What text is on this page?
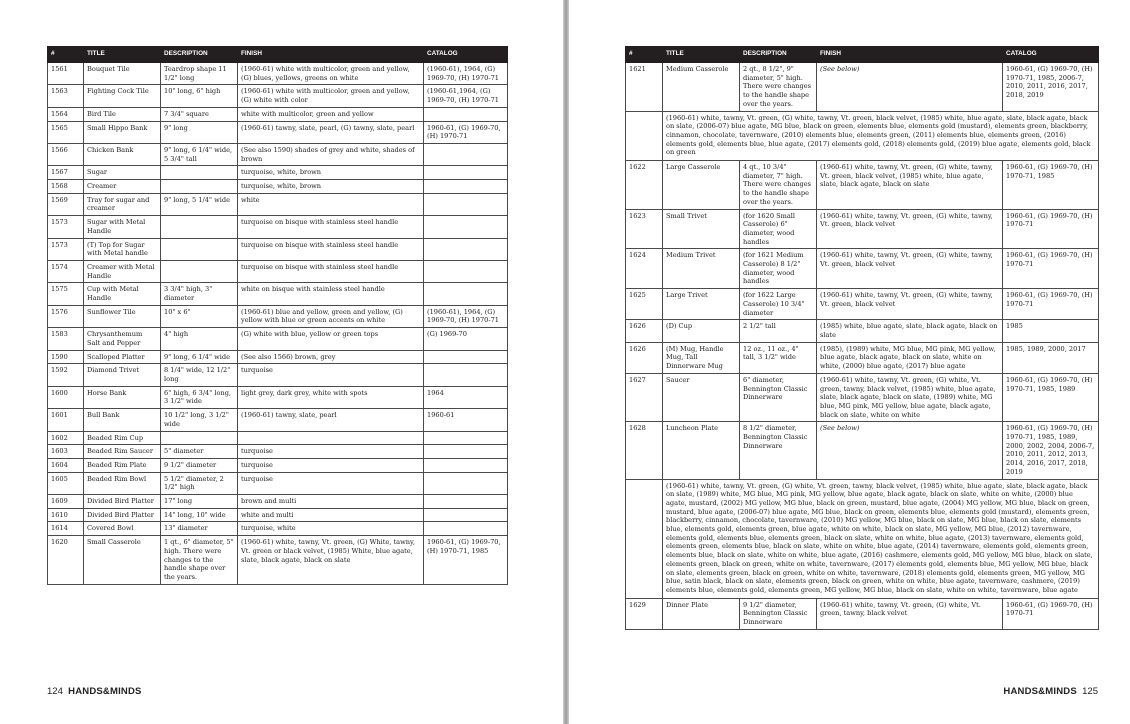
#	TITLE	DESCRIPTION	FINISH	CATALOG
1561	Bouquet Tile	Teardrop shape 11 1/2" long	(1960-61) white with multicolor, green and yellow, (G) blues, yellows, greens on white	(1960-61), 1964, (G) 1969-70, (H) 1970-71
1563	Fighting Cock Tile	10" long, 6" high	(1960-61) white with multicolor, green and yellow, (G) white with color	(1960-61,1964, (G) 1969-70, (H) 1970-71
1564	Bird Tile	7 3/4" square	white with multicolor, green and yellow	
1565	Small Hippo Bank	9" long	(1960-61) tawny, slate, pearl, (G) tawny, slate, pearl	1960-61, (G) 1969-70, (H) 1970-71
1566	Chicken Bank	9" long, 6 1/4" wide, 5 3/4" tall	(See also 1590) shades of grey and white, shades of brown	
1567	Sugar		turquoise, white, brown	
1568	Creamer		turquoise, white, brown	
1569	Tray for sugar and creamer	9" long, 5 1/4" wide	white	
1573	Sugar with Metal Handle		turquoise on bisque with stainless steel handle	
1573	(T) Top for Sugar with Metal handle		turquoise on bisque with stainless steel handle	
1574	Creamer with Metal Handle		turquoise on bisque with stainless steel handle	
1575	Cup with Metal Handle	3 3/4" high, 3" diameter	white on bisque with stainless steel handle	
1576	Sunflower Tile	10" x 6"	(1960-61) blue and yellow, green and yellow, (G) yellow with blue or green accents on white	(1960-61), 1964, (G) 1969-70, (H) 1970-71
1583	Chrysanthemum Salt and Pepper	4" high	(G) white with blue, yellow or green tops	(G) 1969-70
1590	Scalloped Platter	9" long, 6 1/4" wide	(See also 1566) brown, grey	
1592	Diamond Trivet	8 1/4" wide, 12 1/2" long	turquoise	
1600	Horse Bank	6" high, 6 3/4" long, 3 1/2" wide	light grey, dark grey, white with spots	1964
1601	Bull Bank	10 1/2" long, 3 1/2" wide	(1960-61) tawny, slate, pearl	1960-61
1602	Beaded Rim Cup			
1603	Beaded Rim Saucer	5" diameter	turquoise	
1604	Beaded Rim Plate	9 1/2" diameter	turquoise	
1605	Beaded Rim Bowl	5 1/2" diameter, 2 1/2" high	turquoise	
1609	Divided Bird Platter	17" long	brown and multi	
1610	Divided Bird Platter	14" long, 10" wide	white and multi	
1614	Covered Bowl	13" diameter	turquoise, white	
1620	Small Casserole	1 qt., 6" diameter, 5" high. There were changes to the handle shape over the years.	(1960-61) white, tawny, Vt. green, (G) White, tawny, Vt. green or black velvet, (1985) White, blue agate, slate, black agate, black on slate	1960-61, (G) 1969-70, (H) 1970-71, 1985
124 HANDS&MINDS
#	TITLE	DESCRIPTION	FINISH	CATALOG
1621	Medium Casserole	2 qt., 8 1/2", 9" diameter, 5" high. There were changes to the handle shape over the years.	(See below)	1960-61, (G) 1969-70, (H) 1970-71, 1985, 2006-7, 2010, 2011, 2016, 2017, 2018, 2019
	(1960-61) white, tawny, Vt. green, (G) white, tawny, Vt. green, black velvet, (1985) white, blue agate, slate, black agate, black on slate, (2006-07) blue agate, MG blue, black on green, elements blue, elements gold (mustard), elements green, blackberry, cinnamon, chocolate, tavernware, (2010) elements blue, elements green, (2011) elements blue, elements green, (2016) elements gold, elements blue, blue agate, (2017) elements gold, (2018) elements gold, (2019) blue agate, elements gold, black on green			
1622	Large Casserole	4 qt., 10 3/4" diameter, 7" high. There were changes to the handle shape over the years.	(1960-61) white, tawny, Vt. green, (G) white, tawny, Vt. green, black velvet, (1985) white, blue agate, slate, black agate, black on slate	1960-61, (G) 1969-70, (H) 1970-71, 1985
1623	Small Trivet	(for 1620 Small Casserole) 6" diameter, wood handles	(1960-61) white, tawny, Vt. green, (G) white, tawny, Vt. green, black velvet	1960-61, (G) 1969-70, (H) 1970-71
1624	Medium Trivet	(for 1621 Medium Casserole) 8 1/2" diameter, wood handles	(1960-61) white, tawny, Vt. green, (G) white, tawny, Vt. green, black velvet	1960-61, (G) 1969-70, (H) 1970-71
1625	Large Trivet	(for 1622 Large Casserole) 10 3/4" diameter	(1960-61) white, tawny, Vt. green, (G) white, tawny, Vt. green, black velvet	1960-61, (G) 1969-70, (H) 1970-71
1626	(D) Cup	2 1/2" tall	(1985) white, blue agate, slate, black agate, black on slate	1985
1626	(M) Mug, Handle Mug, Tall Dinnerware Mug	12 oz., 11 oz., 4" tall, 3 1/2" wide	(1985), (1989) white, MG blue, MG pink, MG yellow, blue agate, black agate, black on slate, white on white, (2000) blue agate, (2017) blue agate	1985, 1989, 2000, 2017
1627	Saucer	6" diameter, Bennington Classic Dinnerware	(1960-61) white, tawny, Vt. green, (G) white, Vt. green, tawny, black velvet, (1985) white, blue agate, slate, black agate, black on slate, (1989) white, MG blue, MG pink, MG yellow, blue agate, black agate, black on slate, white on white	1960-61, (G) 1969-70, (H) 1970-71, 1985, 1989
1628	Luncheon Plate	8 1/2" diameter, Bennington Classic Dinnerware	(See below)	1960-61, (G) 1969-70, (H) 1970-71, 1985, 1989, 2000, 2002, 2004, 2006-7, 2010, 2011, 2012, 2013, 2014, 2016, 2017, 2018, 2019
	(1960-61) white, tawny, Vt. green, (G) white, Vt. green, tawny, black velvet, (1985) white, blue agate, slate, black agate, black on slate, (1989) white, MG blue, MG pink, MG yellow, blue agate, black agate, black on slate, white on white, (2000) blue agate, mustard, (2002) MG yellow, MG blue, black on green, mustard, blue agate, (2004) MG yellow, MG blue, black on green, mustard, blue agate, (2006-07) blue agate, MG blue, black on green, elements blue, elements gold (mustard), elements green, blackberry, cinnamon, chocolate, tavernware, (2010) MG yellow, MG blue, black on slate, MG blue, black on slate, elements blue, elements gold, elements green, blue agate, white on white, black on slate, MG yellow, MG blue, (2012) tavernware, elements gold, elements blue, elements green, black on slate, white on white, blue agate, (2013) tavernware, elements gold, elements green, elements blue, black on slate, white on white, blue agate, (2014) tavernware, elements gold, elements green, elements blue, black on slate, white on white, blue agate, (2016) cashmere, elements gold, MG yellow, MG blue, black on slate, elements green, black on green, white on white, tavernware, (2017) elements gold, elements blue, MG yellow, MG blue, black on slate, elements green, black on green, white on white, tavernware, (2018) elements gold, elements green, MG yellow, MG blue, satin black, black on slate, elements green, black on green, white on white, blue agate, tavernware, cashmere, (2019) elements blue, elements gold, elements green, MG yellow, MG blue, black on slate, white on white, tavernware, blue agate			
1629	Dinner Plate	9 1/2" diameter, Bennington Classic Dinnerware	(1960-61) white, tawny, Vt. green, (G) white, Vt. green, tawny, black velvet	1960-61, (G) 1969-70, (H) 1970-71
HANDS&MINDS 125
